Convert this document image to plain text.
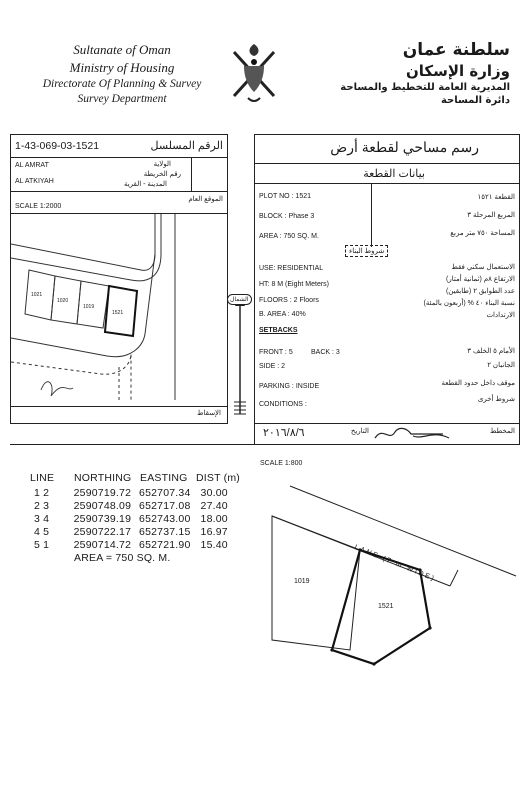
Sultanate of Oman
Ministry of Housing
Directorate Of Planning & Survey
Survey Department
سلطنة عمان
وزارة الإسكان
المديرية العامة للتخطيط والمساحة
دائرة المساحة
1-43-069-03-1521	الرقم المسلسل
AL AMRAT
AL ATKIYAH
الولاية
رقم الخريطة
المدينة - القرية
SCALE 1:2000
الموقع العام
1021
1020
1019
1521
الإسقاط
الشمال
رسم مساحي لقطعة أرض
بيانات القطعة
PLOT NO : 1521	القطعة ١٥٢١
BLOCK : Phase 3	المربع المرحلة ٣
AREA : 750 SQ. M.	المساحة ٧٥٠ متر مربع
شروط البناء
USE: RESIDENTIAL	الاستعمال سكني فقط
HT: 8 M (Eight Meters)
الارتفاع ٨م (ثمانية أمتار)
FLOORS : 2 Floors
عدد الطوابق ٢ (طابقين)
B. AREA : 40%
نسبة البناء ٤٠ % (أربعون بالمئة)
الارتدادات
SETBACKS
FRONT : 5	BACK : 3	الأمام ٥ الخلف ٣
SIDE : 2	الجانبان ٢
PARKING : INSIDE	موقف داخل حدود القطعة
CONDITIONS :
شروط أخرى
٢٠١٦/٨/٦	التاريخ	المخطط
LINE	NORTHING EASTING DIST (m)
1 2	2590719.72 652707.34 30.00
2 3	2590748.09 652717.08 27.40
3 4	2590739.19 652743.00 18.00
4 5	2590722.17 652737.15 16.97
5 1	2590714.72 652721.90 15.40
AREA = 750 SQ. M.
SCALE 1:800
LANE (7 m WIDE)
1019
1521
